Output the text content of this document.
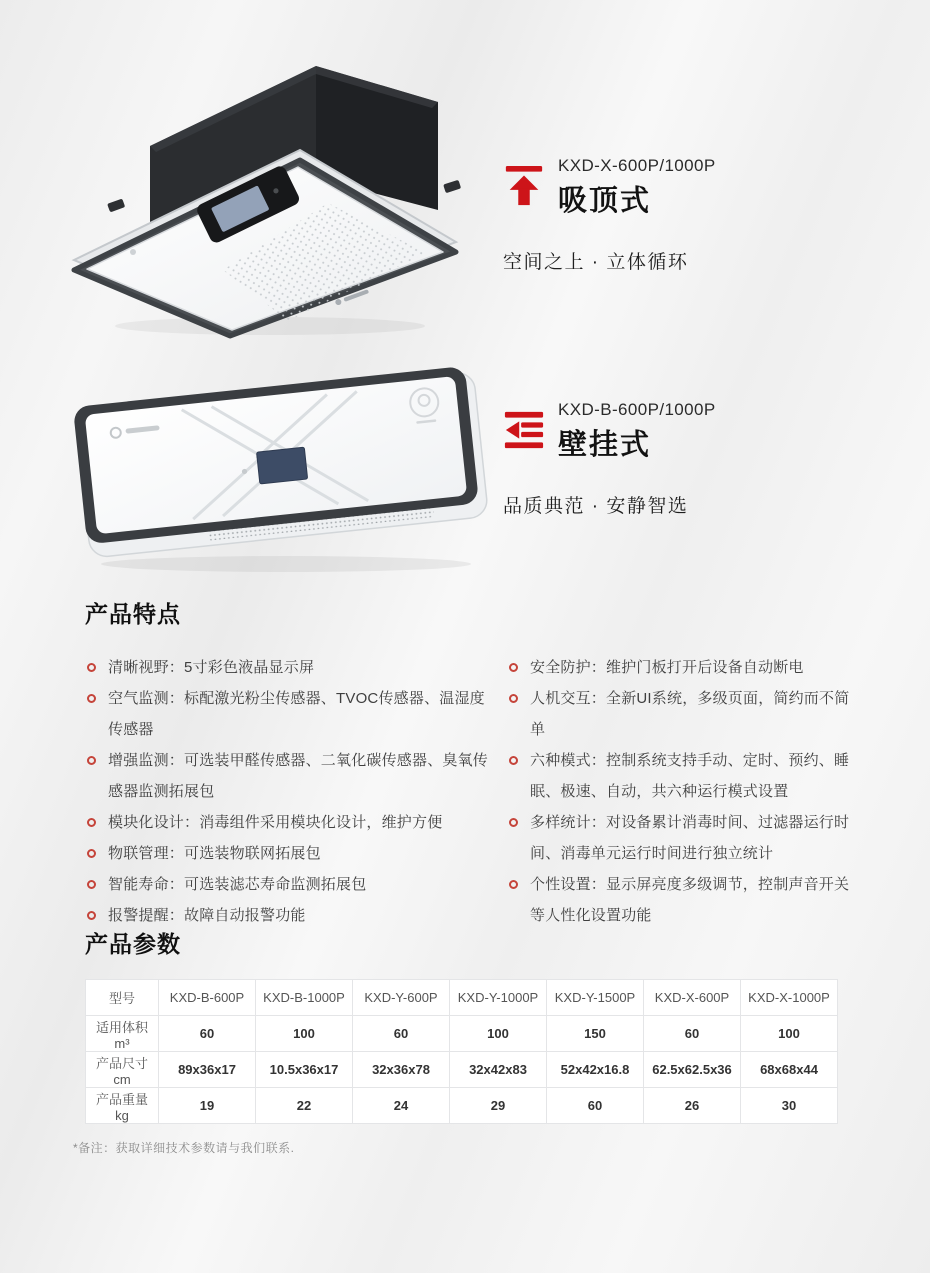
KXD-X-600P/1000P
吸顶式
空间之上 · 立体循环
KXD-B-600P/1000P
壁挂式
品质典范 · 安静智选
产品特点
清晰视野：5寸彩色液晶显示屏
空气监测：标配激光粉尘传感器、TVOC传感器、温湿度传感器
增强监测：可选装甲醛传感器、二氧化碳传感器、臭氧传感器监测拓展包
模块化设计：消毒组件采用模块化设计，维护方便
物联管理：可选装物联网拓展包
智能寿命：可选装滤芯寿命监测拓展包
报警提醒：故障自动报警功能
安全防护：维护门板打开后设备自动断电
人机交互：全新UI系统，多级页面，简约而不简单
六种模式：控制系统支持手动、定时、预约、睡眠、极速、自动，共六种运行模式设置
多样统计：对设备累计消毒时间、过滤器运行时间、消毒单元运行时间进行独立统计
个性设置：显示屏亮度多级调节，控制声音开关等人性化设置功能
产品参数
型号	KXD-B-600P	KXD-B-1000P	KXD-Y-600P	KXD-Y-1000P	KXD-Y-1500P	KXD-X-600P	KXD-X-1000P
适用体积 m³	60	100	60	100	150	60	100
产品尺寸 cm	89x36x17	10.5x36x17	32x36x78	32x42x83	52x42x16.8	62.5x62.5x36	68x68x44
产品重量 kg	19	22	24	29	60	26	30
*备注：获取详细技术参数请与我们联系.
